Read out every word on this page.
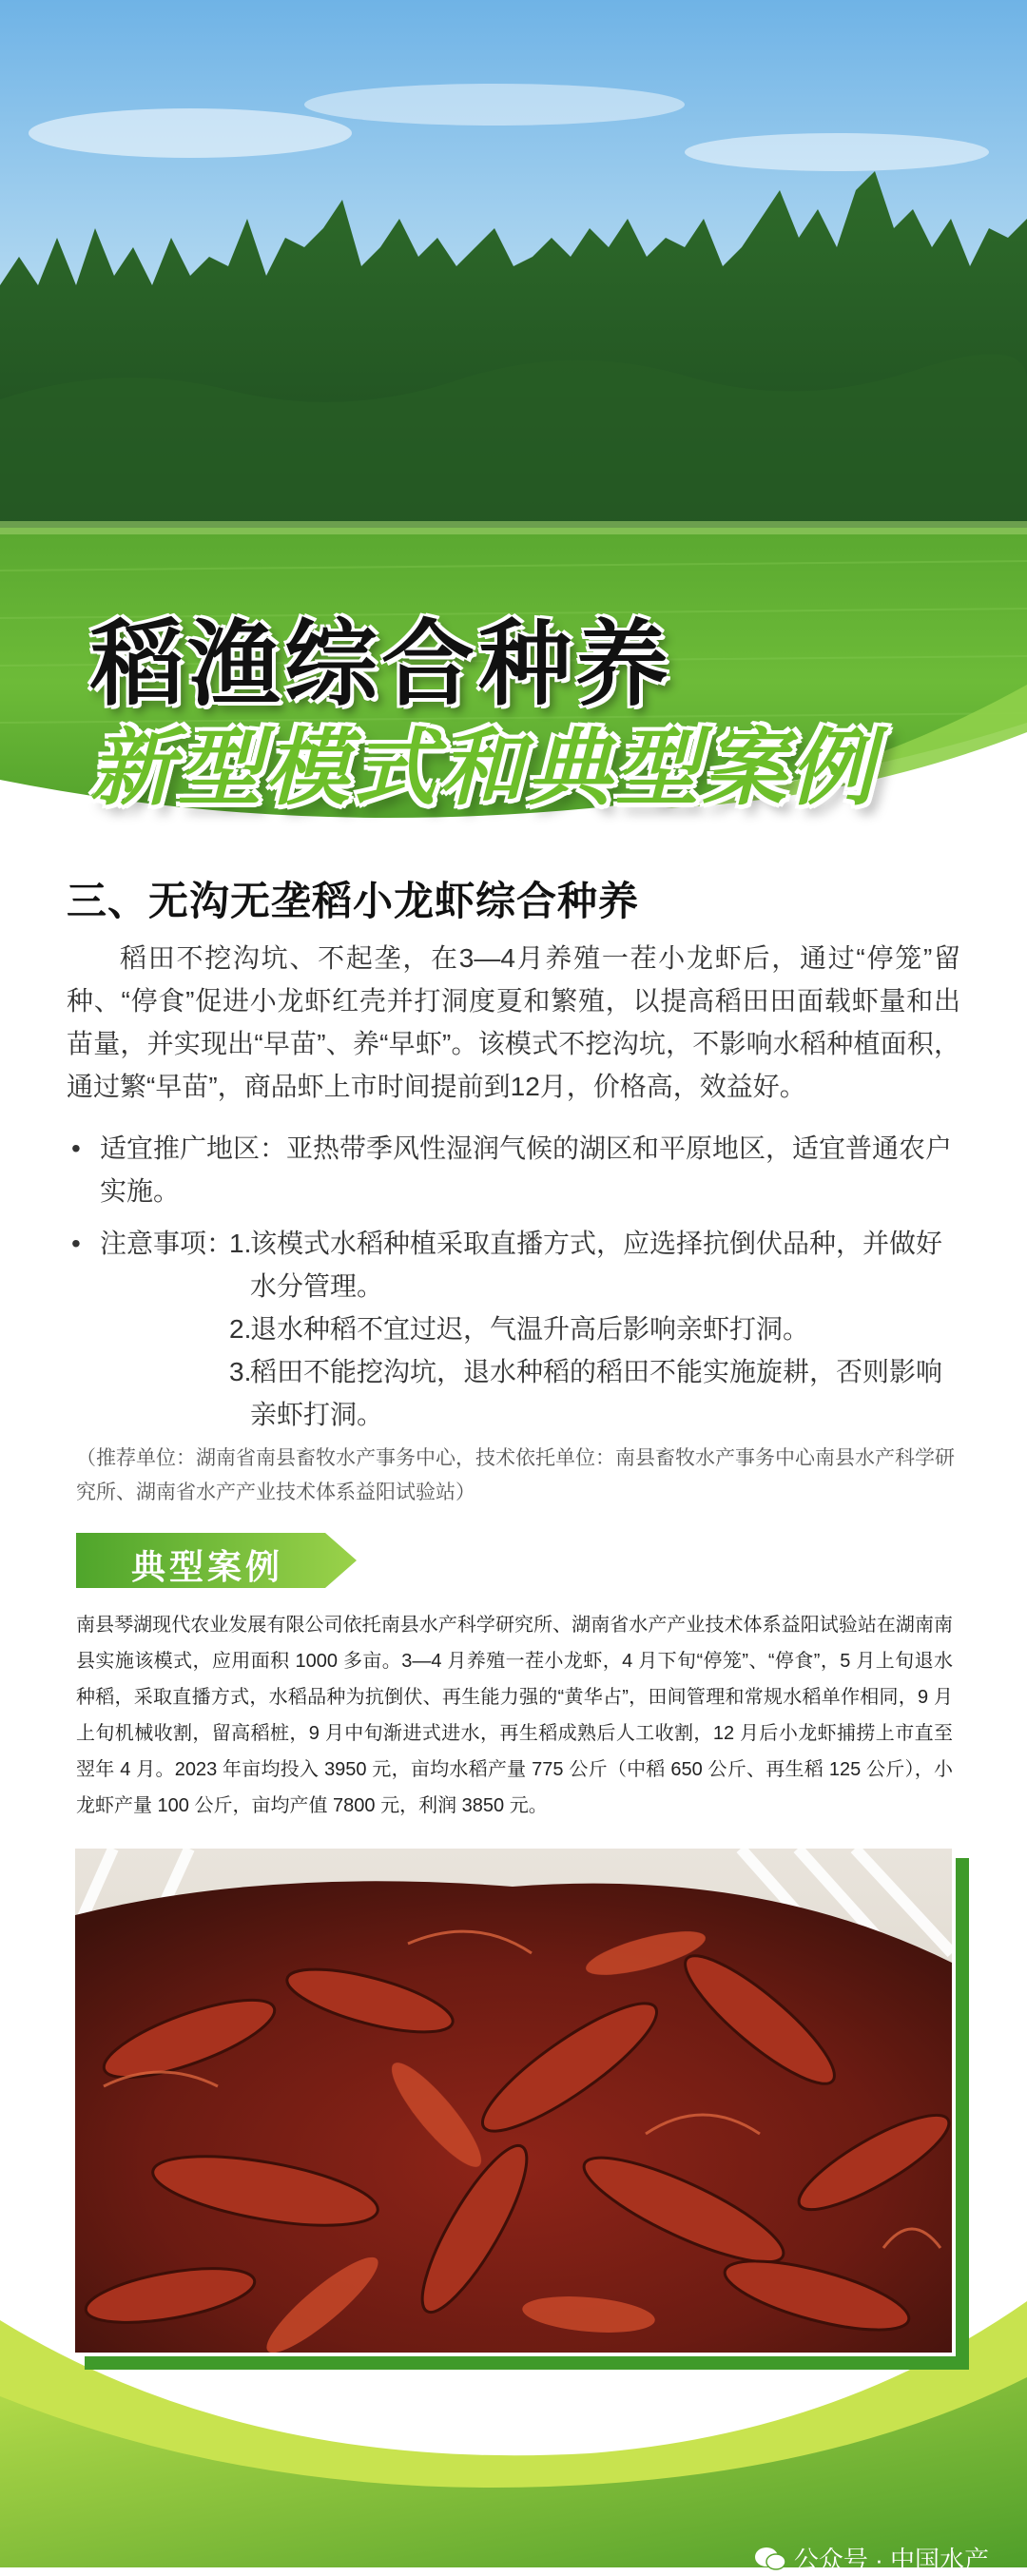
稻渔综合种养
新型模式和典型案例
三、无沟无垄稻小龙虾综合种养

稻田不挖沟坑、不起垄，在3—4月养殖一茬小龙虾后，通过“停笼”留种、“停食”促进小龙虾红壳并打洞度夏和繁殖，以提高稻田田面载虾量和出苗量，并实现出“早苗”、养“早虾”。该模式不挖沟坑，不影响水稻种植面积，通过繁“早苗”，商品虾上市时间提前到12月，价格高，效益好。

• 适宜推广地区：亚热带季风性湿润气候的湖区和平原地区，适宜普通农户实施。
• 注意事项：
1.
该模式水稻种植采取直播方式，应选择抗倒伏品种，并做好水分管理。
2.
退水种稻不宜过迟，气温升高后影响亲虾打洞。
3.
稻田不能挖沟坑，退水种稻的稻田不能实施旋耕，否则影响亲虾打洞。

（推荐单位：湖南省南县畜牧水产事务中心，技术依托单位：南县畜牧水产事务中心南县水产科学研究所、湖南省水产产业技术体系益阳试验站）

典型案例

南县琴湖现代农业发展有限公司依托南县水产科学研究所、湖南省水产产业技术体系益阳试验站在湖南南县实施该模式，应用面积 1000 多亩。3—4 月养殖一茬小龙虾，4 月下旬“停笼”、“停食”，5 月上旬退水种稻，采取直播方式，水稻品种为抗倒伏、再生能力强的“黄华占”，田间管理和常规水稻单作相同，9 月上旬机械收割，留高稻桩，9 月中旬渐进式进水，再生稻成熟后人工收割，12 月后小龙虾捕捞上市直至翌年 4 月。2023 年亩均投入 3950 元，亩均水稻产量 775 公斤（中稻 650 公斤、再生稻 125 公斤），小龙虾产量 100 公斤，亩均产值 7800 元，利润 3850 元。

公众号 · 中国水产
